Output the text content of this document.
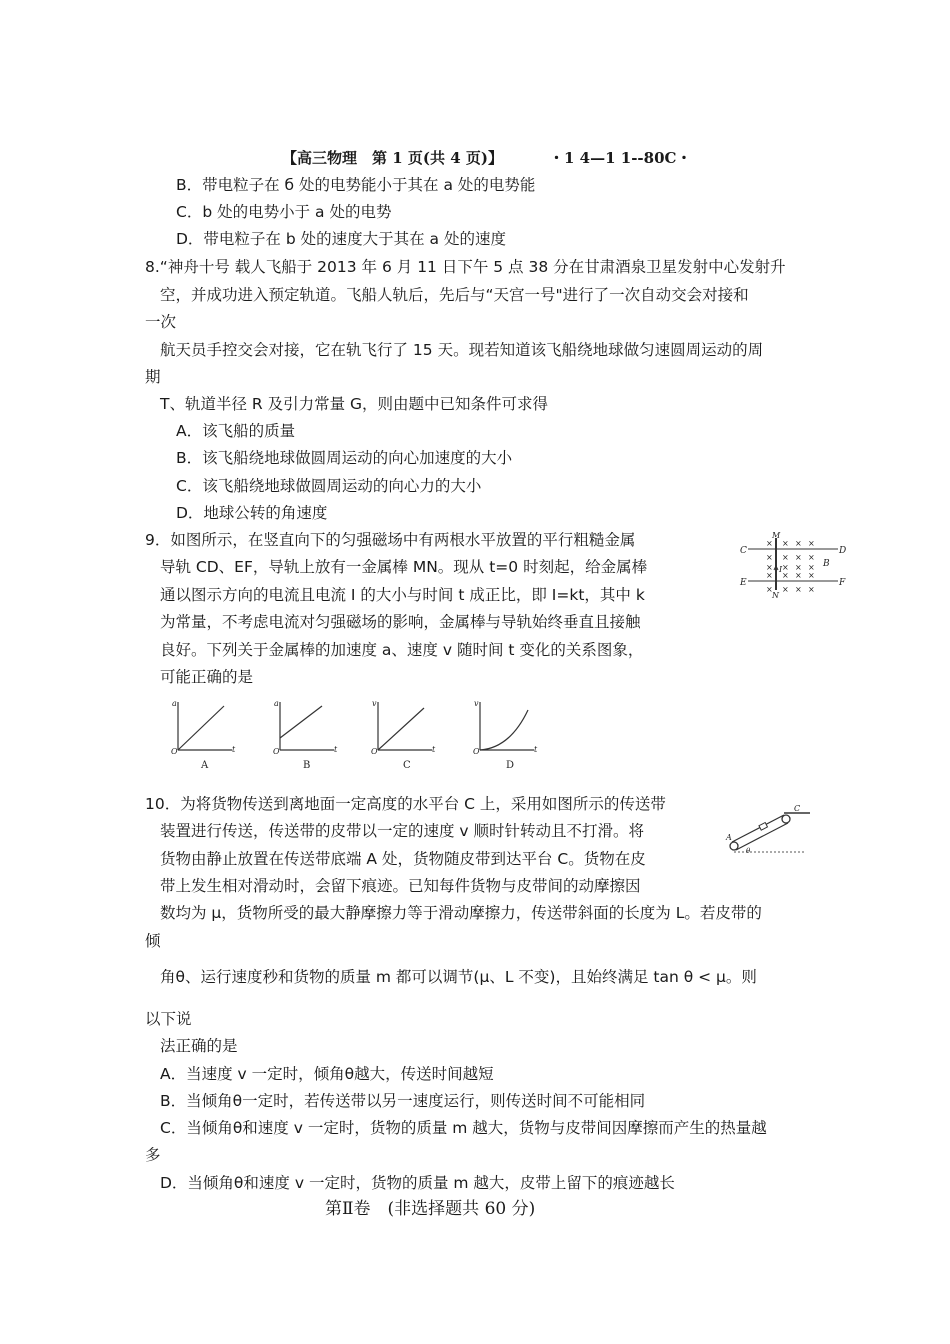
【高三物理　第 1 页(共 4 页)】	・1 4—1 1--80C・
B．带电粒子在 б 处的电势能小于其在 a 处的电势能
C．b 处的电势小于 a 处的电势
D．带电粒子在 b 处的速度大于其在 a 处的速度
8.“神舟十号 载人飞船于 2013 年 6 月 11 日下午 5 点 38 分在甘肃酒泉卫星发射中心发射升
空，并成功进入预定轨道。飞船人轨后，先后与“天宫一号"进行了一次自动交会对接和
一次
航天员手控交会对接，它在轨飞行了 15 天。现若知道该飞船绕地球做匀速圆周运动的周
期
T、轨道半径 R 及引力常量 G，则由题中已知条件可求得
A．该飞船的质量
B．该飞船绕地球做圆周运动的向心加速度的大小
C．该飞船绕地球做圆周运动的向心力的大小
D．地球公转的角速度
9．如图所示，在竖直向下的匀强磁场中有两根水平放置的平行粗糙金属
导轨 CD、EF，导轨上放有一金属棒 MN。现从 t=0 时刻起，给金属棒
通以图示方向的电流且电流 I 的大小与时间 t 成正比，即 I=kt，其中 k
为常量，不考虑电流对匀强磁场的影响，金属棒与导轨始终垂直且接触
良好。下列关于金属棒的加速度 a、速度 v 随时间 t 变化的关系图象，
可能正确的是
C	D
E	F
M
N
B
I
× × × ×
× × × ×
× × × ×
× × × ×
× × × ×
a
t
O
A
a
t
O
B
v
t
O
C
v
t
O
D
10．为将货物传送到离地面一定高度的水平台 C 上，采用如图所示的传送带
装置进行传送，传送带的皮带以一定的速度 v 顺时针转动且不打滑。将
货物由静止放置在传送带底端 A 处，货物随皮带到达平台 C。货物在皮
带上发生相对滑动时，会留下痕迹。已知每件货物与皮带间的动摩擦因
数均为 μ，货物所受的最大静摩擦力等于滑动摩擦力，传送带斜面的长度为 L。若皮带的
倾
角θ、运行速度秒和货物的质量 m 都可以调节(μ、L 不变)，且始终满足 tan θ < μ。则
以下说
法正确的是
A．当速度 v 一定时，倾角θ越大，传送时间越短
B．当倾角θ一定时，若传送带以另一速度运行，则传送时间不可能相同
C．当倾角θ和速度 v 一定时，货物的质量 m 越大，货物与皮带间因摩擦而产生的热量越
多
D．当倾角θ和速度 v 一定时，货物的质量 m 越大，皮带上留下的痕迹越长
A
C
θ
第Ⅱ卷　(非选择题共 60 分)
